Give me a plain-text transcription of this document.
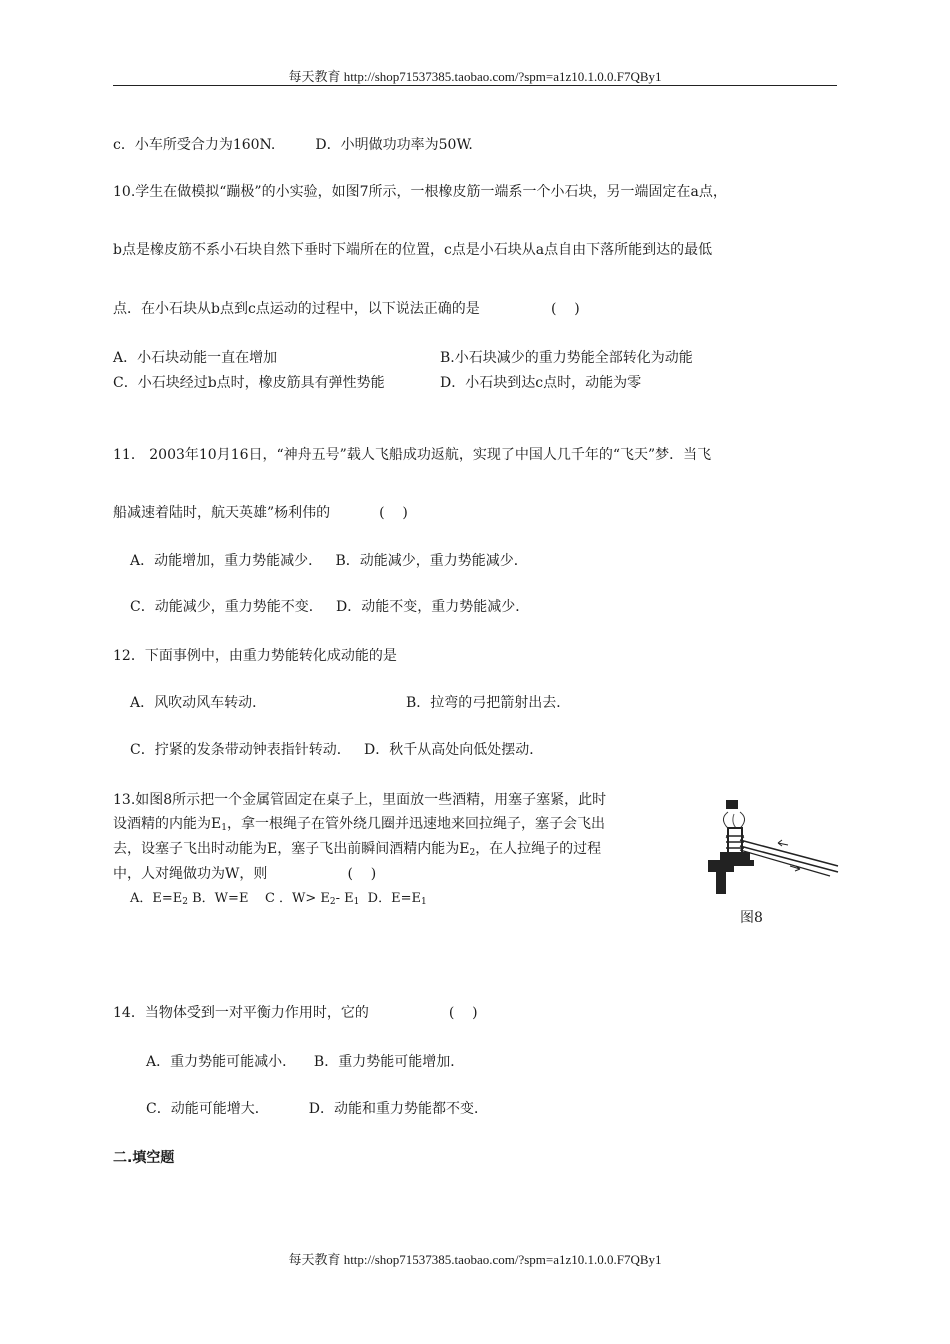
每天教育 http://shop71537385.taobao.com/?spm=a1z10.1.0.0.F7QBy1
c．小车所受合力为160N.         D．小明做功功率为50W.
10.学生在做模拟“蹦极”的小实验，如图7所示，一根橡皮筋一端系一个小石块，另一端固定在a点，
b点是橡皮筋不系小石块自然下垂时下端所在的位置，c点是小石块从a点自由下落所能到达的最低
点．在小石块从b点到c点运动的过程中，以下说法正确的是                (    )
A．小石块动能一直在增加	B.小石块减少的重力势能全部转化为动能
C．小石块经过b点时，橡皮筋具有弹性势能	D．小石块到达c点时，动能为零
11． 2003年10月16日，“神舟五号”载人飞船成功返航，实现了中国人几千年的“飞天”梦．当飞
船减速着陆时，航天英雄”杨利伟的           (    )
A．动能增加，重力势能减少．   B．动能减少，重力势能减少．
C．动能减少，重力势能不变．   D．动能不变，重力势能减少．
12．下面事例中，由重力势能转化成动能的是
A．风吹动风车转动．	B．拉弯的弓把箭射出去．
C．拧紧的发条带动钟表指针转动．   D．秋千从高处向低处摆动．
13.如图8所示把一个金属管固定在桌子上，里面放一些酒精，用塞子塞紧，此时
设酒精的内能为$E_1$，拿一根绳子在管外绕几圈并迅速地来回拉绳子，塞子会飞出
去，设塞子飞出时动能为E，塞子飞出前瞬间酒精内能为$E_2$，在人拉绳子的过程
中，人对绳做功为W，则                  (    )
A．$E=E_2$ B．W=E    C ．$W> E_2-$ $E_1$  D．$E=E_1$
图8
14．当物体受到一对平衡力作用时，它的                  (    )
A．重力势能可能减小．    B．重力势能可能增加．
C．动能可能增大．         D．动能和重力势能都不变．
二.填空题
每天教育 http://shop71537385.taobao.com/?spm=a1z10.1.0.0.F7QBy1
